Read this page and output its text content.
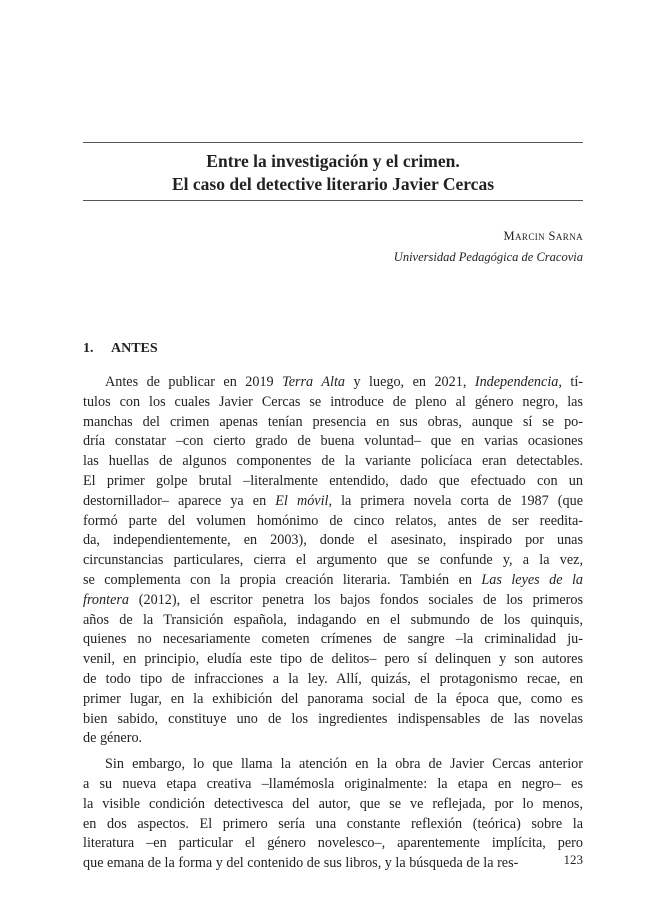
Entre la investigación y el crimen.
El caso del detective literario Javier Cercas
Marcin Sarna
Universidad Pedagógica de Cracovia
1. ANTES
Antes de publicar en 2019 Terra Alta y luego, en 2021, Independencia, tí-
tulos con los cuales Javier Cercas se introduce de pleno al género negro, las
manchas del crimen apenas tenían presencia en sus obras, aunque sí se po-
dría constatar –con cierto grado de buena voluntad– que en varias ocasiones
las huellas de algunos componentes de la variante policíaca eran detectables.
El primer golpe brutal –literalmente entendido, dado que efectuado con un
destornillador– aparece ya en El móvil, la primera novela corta de 1987 (que
formó parte del volumen homónimo de cinco relatos, antes de ser reedita-
da, independientemente, en 2003), donde el asesinato, inspirado por unas
circunstancias particulares, cierra el argumento que se confunde y, a la vez,
se complementa con la propia creación literaria. También en Las leyes de la
frontera (2012), el escritor penetra los bajos fondos sociales de los primeros
años de la Transición española, indagando en el submundo de los quinquis,
quienes no necesariamente cometen crímenes de sangre –la criminalidad ju-
venil, en principio, eludía este tipo de delitos– pero sí delinquen y son autores
de todo tipo de infracciones a la ley. Allí, quizás, el protagonismo recae, en
primer lugar, en la exhibición del panorama social de la época que, como es
bien sabido, constituye uno de los ingredientes indispensables de las novelas
de género.
Sin embargo, lo que llama la atención en la obra de Javier Cercas anterior
a su nueva etapa creativa –llamémosla originalmente: la etapa en negro– es
la visible condición detectivesca del autor, que se ve reflejada, por lo menos,
en dos aspectos. El primero sería una constante reflexión (teórica) sobre la
literatura –en particular el género novelesco–, aparentemente implícita, pero
que emana de la forma y del contenido de sus libros, y la búsqueda de la res-	123
